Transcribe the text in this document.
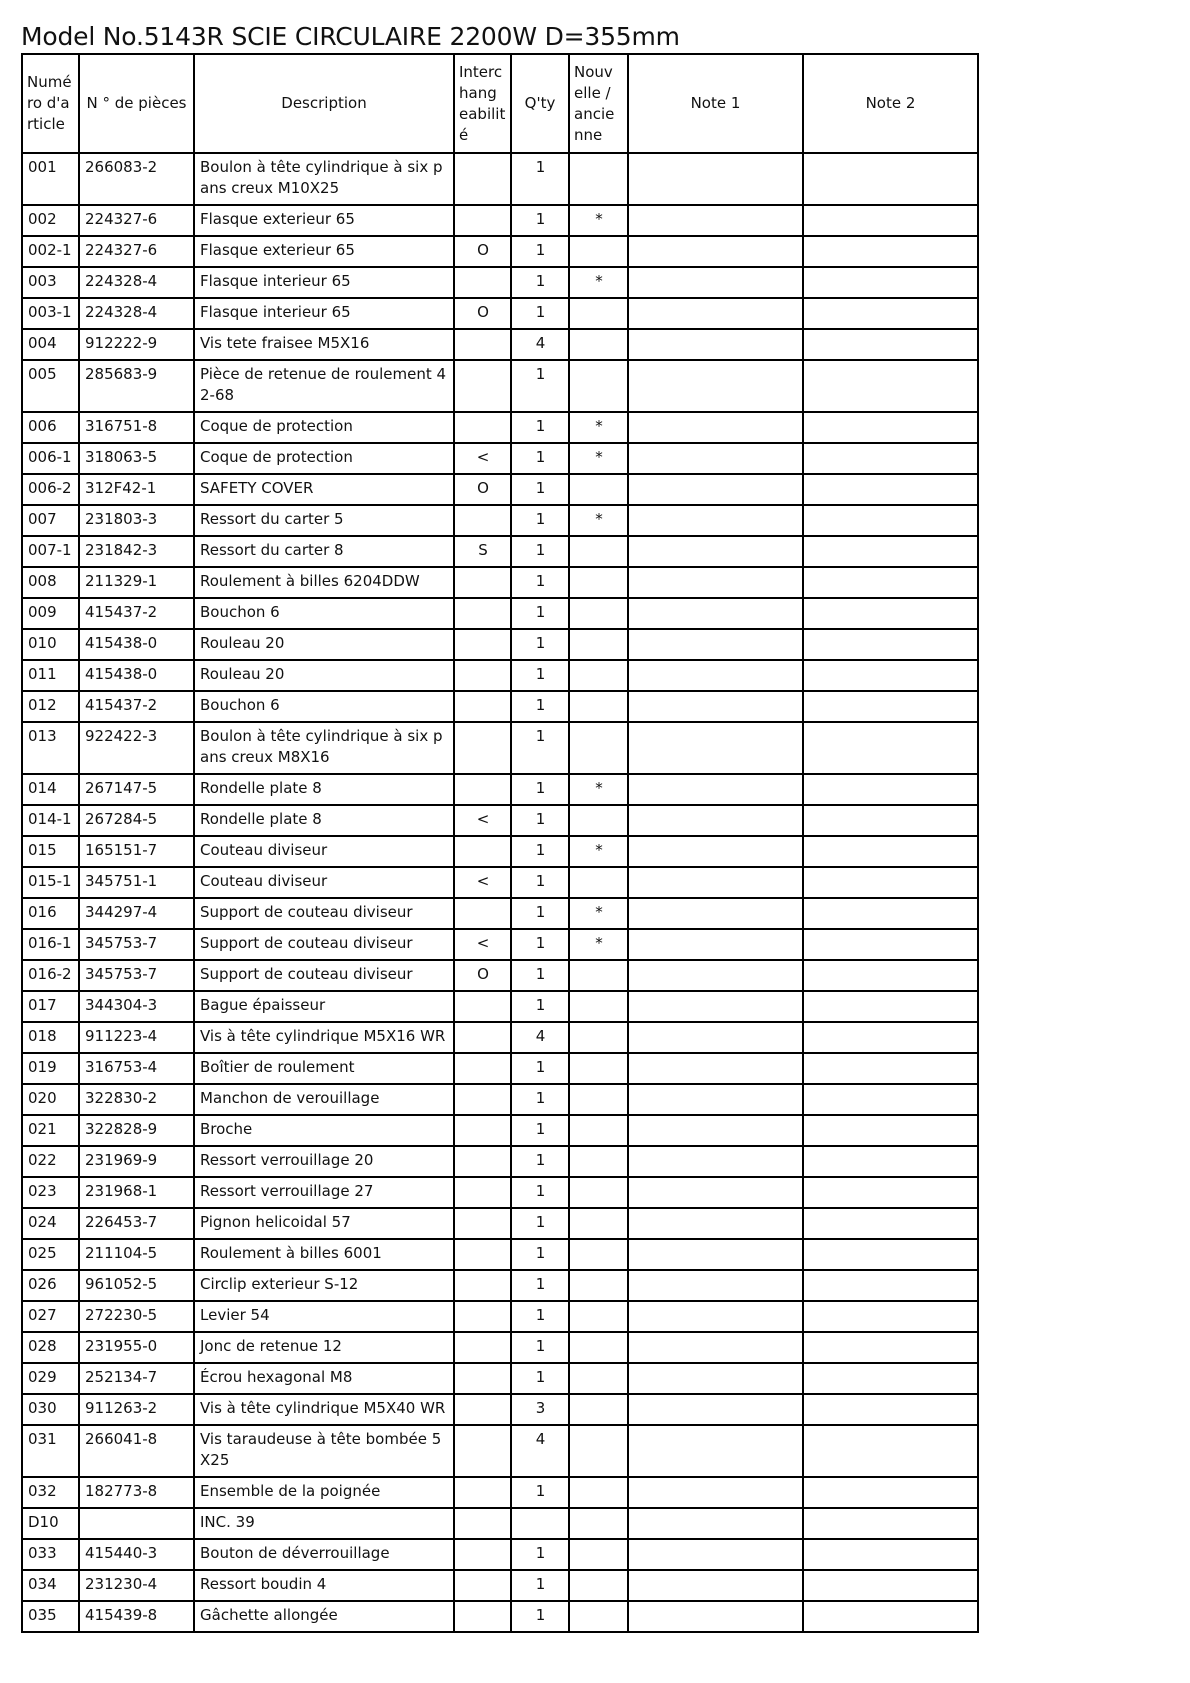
Model No.5143R SCIE CIRCULAIRE 2200W D=355mm
Numé ro d'a rticle	N ° de pièces	Description	Interc hang eabilit é	Q'ty	Nouv elle / ancie nne	Note 1	Note 2
001	266083-2	Boulon à tête cylindrique à six pans creux M10X25		1			
002	224327-6	Flasque exterieur 65		1	*		
002-1	224327-6	Flasque exterieur 65	O	1			
003	224328-4	Flasque interieur 65		1	*		
003-1	224328-4	Flasque interieur 65	O	1			
004	912222-9	Vis tete fraisee M5X16		4			
005	285683-9	Pièce de retenue de roulement 42-68		1			
006	316751-8	Coque de protection		1	*		
006-1	318063-5	Coque de protection	<	1	*		
006-2	312F42-1	SAFETY COVER	O	1			
007	231803-3	Ressort du carter 5		1	*		
007-1	231842-3	Ressort du carter 8	S	1			
008	211329-1	Roulement à billes 6204DDW		1			
009	415437-2	Bouchon 6		1			
010	415438-0	Rouleau 20		1			
011	415438-0	Rouleau 20		1			
012	415437-2	Bouchon 6		1			
013	922422-3	Boulon à tête cylindrique à six pans creux M8X16		1			
014	267147-5	Rondelle plate 8		1	*		
014-1	267284-5	Rondelle plate 8	<	1			
015	165151-7	Couteau diviseur		1	*		
015-1	345751-1	Couteau diviseur	<	1			
016	344297-4	Support de couteau diviseur		1	*		
016-1	345753-7	Support de couteau diviseur	<	1	*		
016-2	345753-7	Support de couteau diviseur	O	1			
017	344304-3	Bague épaisseur		1			
018	911223-4	Vis à tête cylindrique M5X16 WR		4			
019	316753-4	Boîtier de roulement		1			
020	322830-2	Manchon de verouillage		1			
021	322828-9	Broche		1			
022	231969-9	Ressort verrouillage 20		1			
023	231968-1	Ressort verrouillage 27		1			
024	226453-7	Pignon helicoidal 57		1			
025	211104-5	Roulement à billes 6001		1			
026	961052-5	Circlip exterieur S-12		1			
027	272230-5	Levier 54		1			
028	231955-0	Jonc de retenue 12		1			
029	252134-7	Écrou hexagonal M8		1			
030	911263-2	Vis à tête cylindrique M5X40 WR		3			
031	266041-8	Vis taraudeuse à tête bombée 5X25		4			
032	182773-8	Ensemble de la poignée		1			
D10		INC. 39					
033	415440-3	Bouton de déverrouillage		1			
034	231230-4	Ressort boudin 4		1			
035	415439-8	Gâchette allongée		1			
